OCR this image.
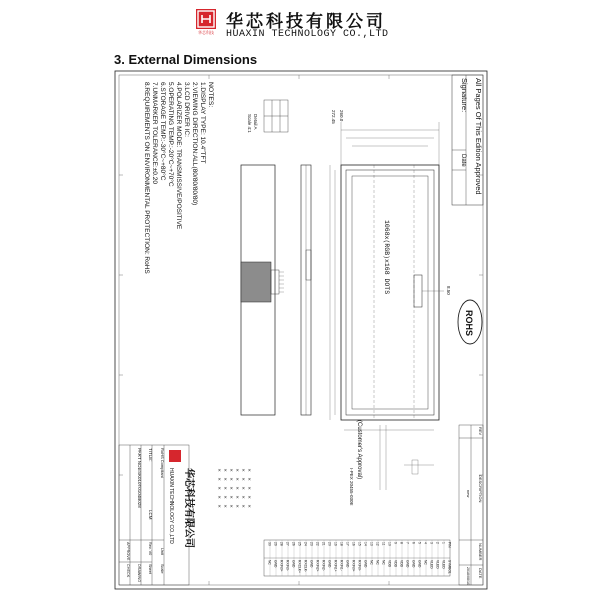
华芯科技
华芯科技有限公司
HUAXIN TECHNOLOGY CO.,LTD
3. External Dimensions
All Pages Of This Edition Approved
Signature:
Date
ROHS
NOTES:
1.DISPLAY TYPE: 10.4"TFT
2.VIEWING DIRECTION:ALL(80/80/80/80)
3.LCD DRIVER IC:
4.POLARIZER MODE: TRANSMISSIVE/POSITIVE
5.OPERATING TEMP.:-20°C~+70°C
6.STORAGE TEMP.:-30°C~+80°C
7.UNMARKER TOLERANCE:±0.20
8.REQUIREMENTS ON ENVIRONMENTAL PROTECTION: RoHS	Detail A
Scale 4:1
1068x(RGB)x168 DOTS
272.45 260.0
8.50
(Customer's Approval)	REV
DESCRIPTION
NUMBER
DATE
new
2018/08/10
PIN
SYMBOL
1
VLED
2
VLED
3
VLED
4
NC
5
GND
6
GND
7
GND
8
VDD
9
VDD
10
VDD
11
NC
12
NC
13
NC
14
GND
15
RXIN0-
16
RXIN0+
17
GND
18
RXIN1-
19
RXIN1+
20
GND
21
RXIN2-
22
RXIN2+
23
GND
24
RXCLK-
25
RXCLK+
26
GND
27
RXIN3-
28
RXIN3+
29
GND
30
NC
I-PEX 20455-030E
×
×
×
×
×
×
×
×
×
×
×
×
×
×
×
×
×
×
×
×
×
×
×
×
×
×
×
×
×
×
华芯科技有限公司
HUAXIN TECHNOLOGY CO.,LTD
RoHS Compliant
TITLE:
PART NO.
ESK010T0104B028
LCM
APPROVE
CHECK DRAWING
Unit
Scale
Sheet
Rev. V0
